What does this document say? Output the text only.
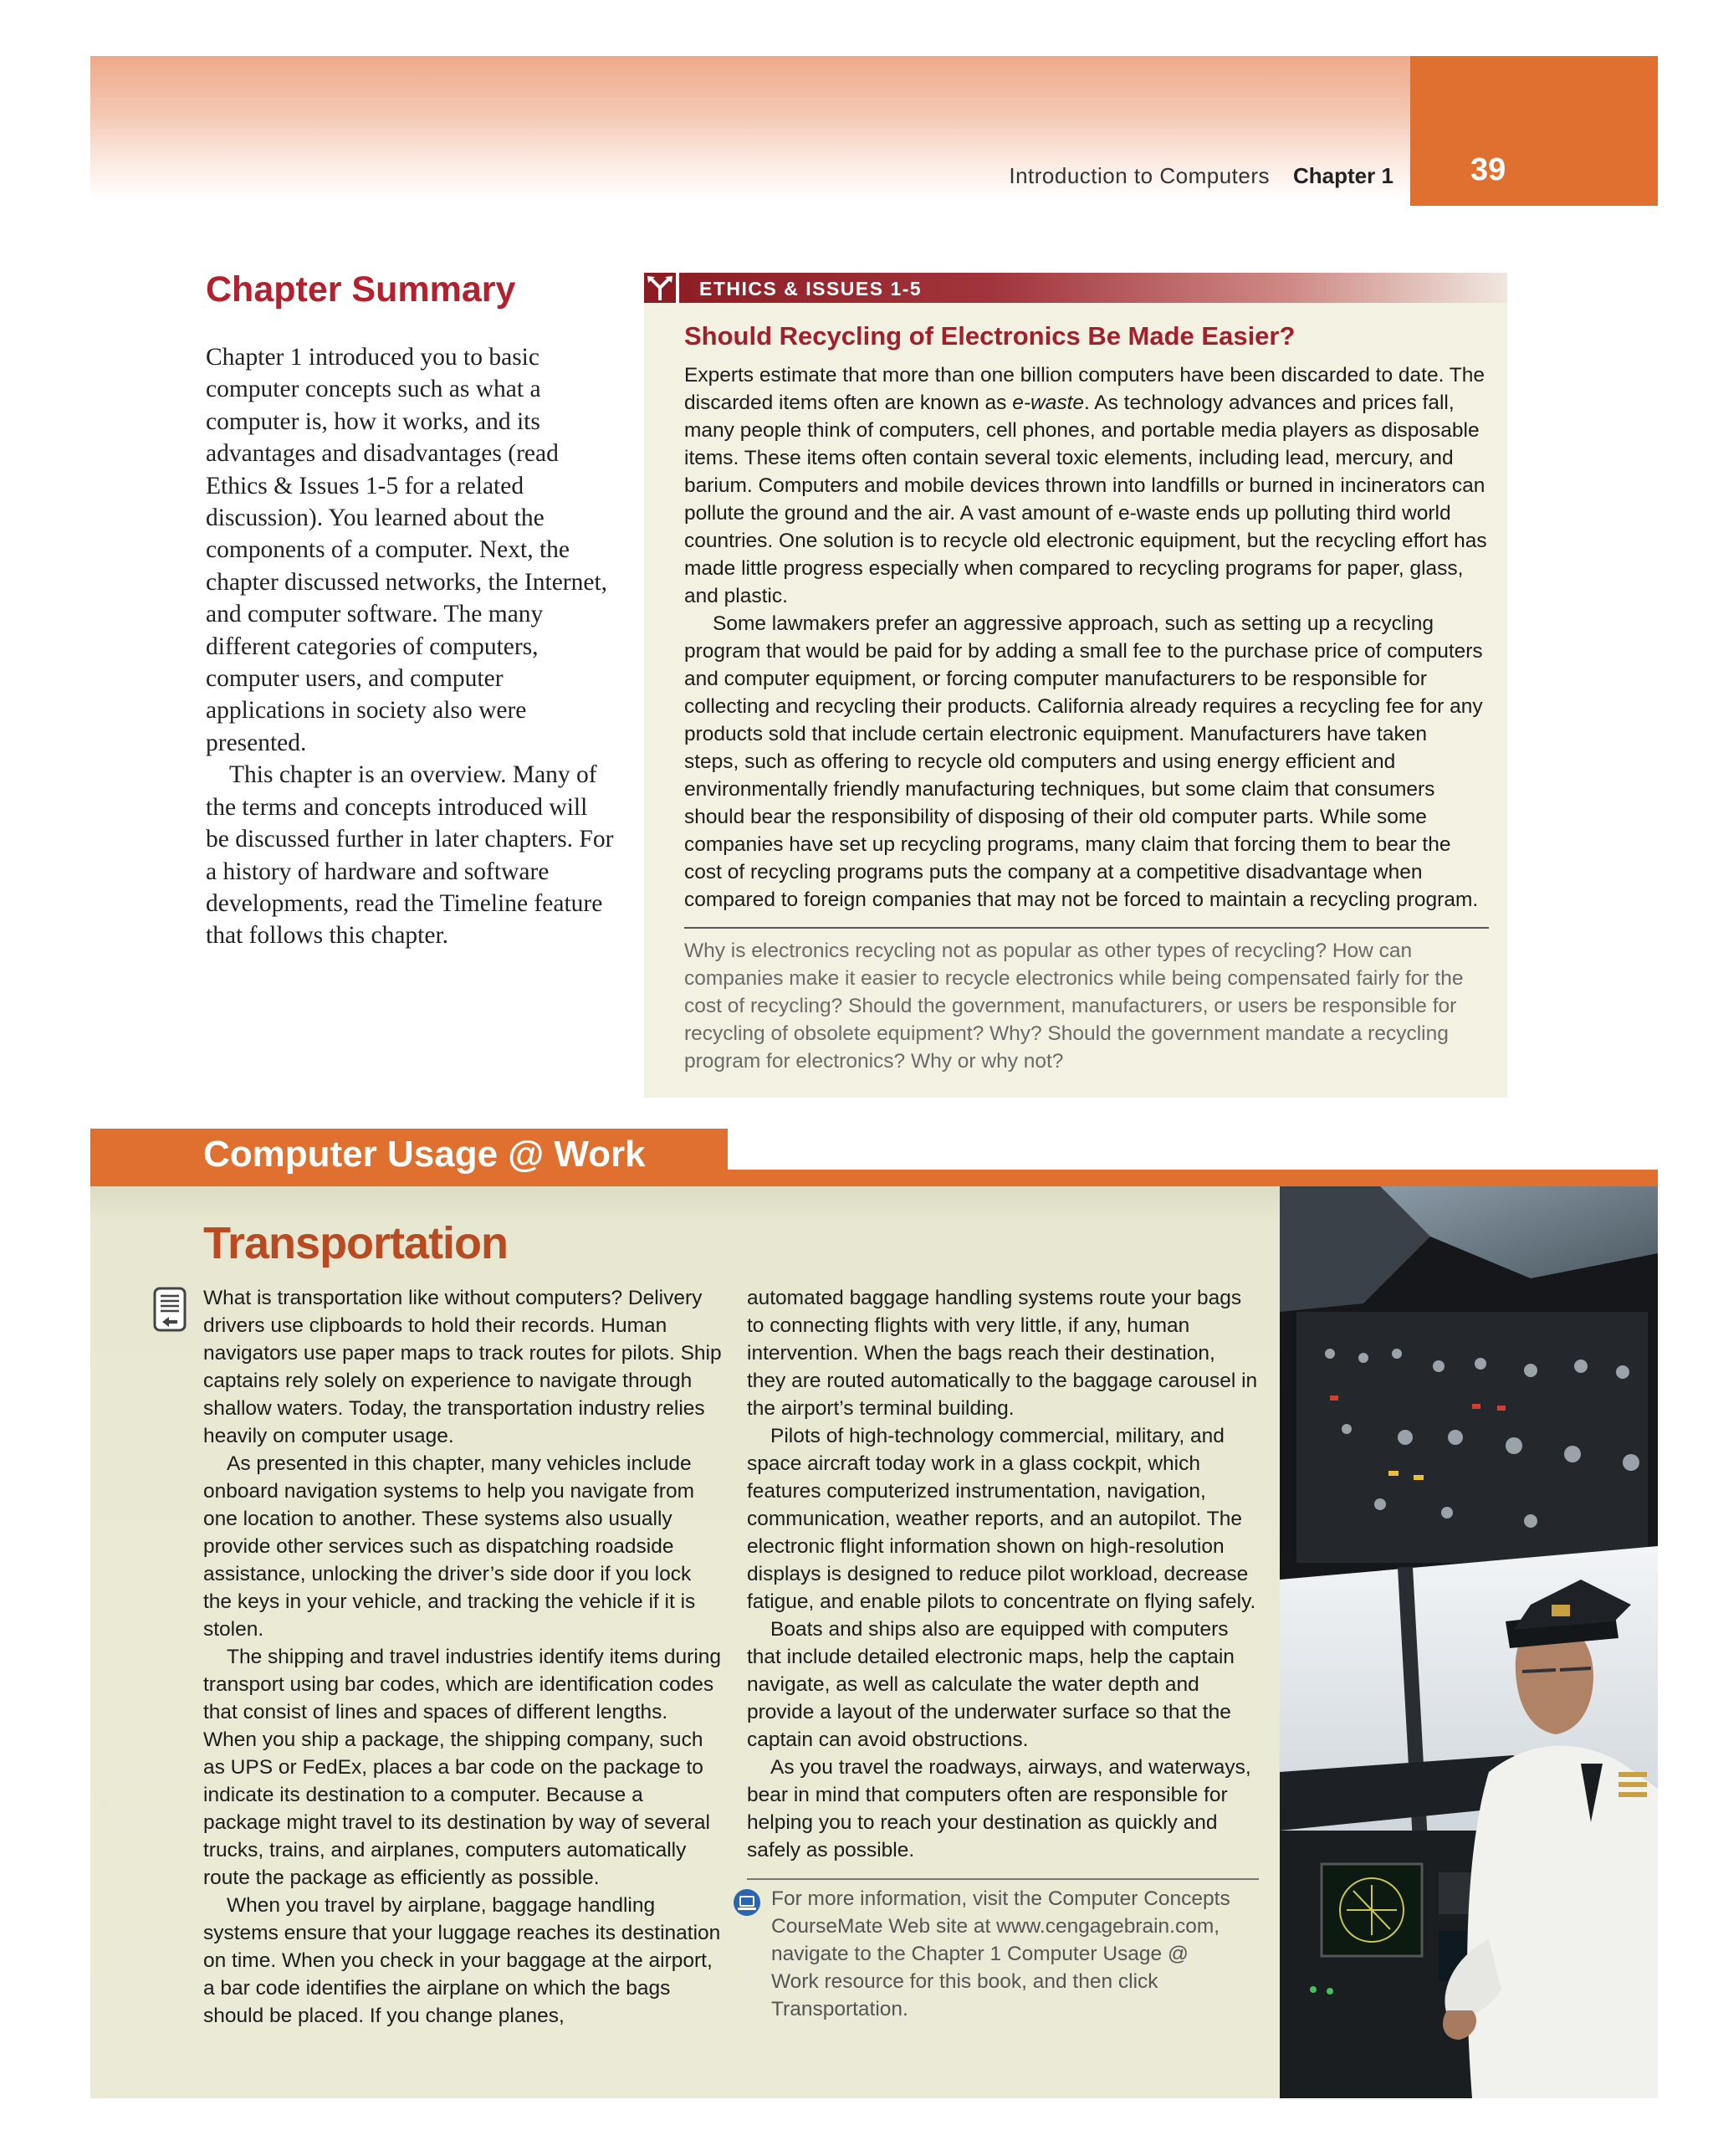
Introduction to Computers Chapter 1 39
Chapter Summary

Chapter 1 introduced you to basic computer concepts such as what a computer is, how it works, and its advantages and disadvantages (read Ethics & Issues 1-5 for a related discussion). You learned about the components of a computer. Next, the chapter discussed networks, the Internet, and computer software. The many different categories of computers, computer users, and computer applications in society also were presented.

This chapter is an overview. Many of the terms and concepts introduced will be discussed further in later chapters. For a history of hardware and software developments, read the Timeline feature that follows this chapter.

ETHICS & ISSUES 1-5
Should Recycling of Electronics Be Made Easier?

Experts estimate that more than one billion computers have been discarded to date. The discarded items often are known as e-waste. As technology advances and prices fall, many people think of computers, cell phones, and portable media players as disposable items. These items often contain several toxic elements, including lead, mercury, and barium. Computers and mobile devices thrown into landfills or burned in incinerators can pollute the ground and the air. A vast amount of e-waste ends up polluting third world countries. One solution is to recycle old electronic equipment, but the recycling effort has made little progress especially when compared to recycling programs for paper, glass, and plastic.

Some lawmakers prefer an aggressive approach, such as setting up a recycling program that would be paid for by adding a small fee to the purchase price of computers and computer equipment, or forcing computer manufacturers to be responsible for collecting and recycling their products. California already requires a recycling fee for any products sold that include certain electronic equipment. Manufacturers have taken steps, such as offering to recycle old computers and using energy efficient and environmentally friendly manufacturing techniques, but some claim that consumers should bear the responsibility of disposing of their old computer parts. While some companies have set up recycling programs, many claim that forcing them to bear the cost of recycling programs puts the company at a competitive disadvantage when compared to foreign companies that may not be forced to maintain a recycling program.

Why is electronics recycling not as popular as other types of recycling? How can companies make it easier to recycle electronics while being compensated fairly for the cost of recycling? Should the government, manufacturers, or users be responsible for recycling of obsolete equipment? Why? Should the government mandate a recycling program for electronics? Why or why not?
Computer Usage @ Work
Transportation

What is transportation like without computers? Delivery drivers use clipboards to hold their records. Human navigators use paper maps to track routes for pilots. Ship captains rely solely on experience to navigate through shallow waters. Today, the transportation industry relies heavily on computer usage.

As presented in this chapter, many vehicles include onboard navigation systems to help you navigate from one location to another. These systems also usually provide other services such as dispatching roadside assistance, unlocking the driver’s side door if you lock the keys in your vehicle, and tracking the vehicle if it is stolen.

The shipping and travel industries identify items during transport using bar codes, which are identification codes that consist of lines and spaces of different lengths. When you ship a package, the shipping company, such as UPS or FedEx, places a bar code on the package to indicate its destination to a computer. Because a package might travel to its destination by way of several trucks, trains, and airplanes, computers automatically route the package as efficiently as possible.

When you travel by airplane, baggage handling systems ensure that your luggage reaches its destination on time. When you check in your baggage at the airport, a bar code identifies the airplane on which the bags should be placed. If you change planes,

automated baggage handling systems route your bags to connecting flights with very little, if any, human intervention. When the bags reach their destination, they are routed automatically to the baggage carousel in the airport’s terminal building.

Pilots of high-technology commercial, military, and space aircraft today work in a glass cockpit, which features computerized instrumentation, navigation, communication, weather reports, and an autopilot. The electronic flight information shown on high-resolution displays is designed to reduce pilot workload, decrease fatigue, and enable pilots to concentrate on flying safely.

Boats and ships also are equipped with computers that include detailed electronic maps, help the captain navigate, as well as calculate the water depth and provide a layout of the underwater surface so that the captain can avoid obstructions.

As you travel the roadways, airways, and waterways, bear in mind that computers often are responsible for helping you to reach your destination as quickly and safely as possible.

For more information, visit the Computer Concepts CourseMate Web site at www.cengagebrain.com, navigate to the Chapter 1 Computer Usage @ Work resource for this book, and then click Transportation.
